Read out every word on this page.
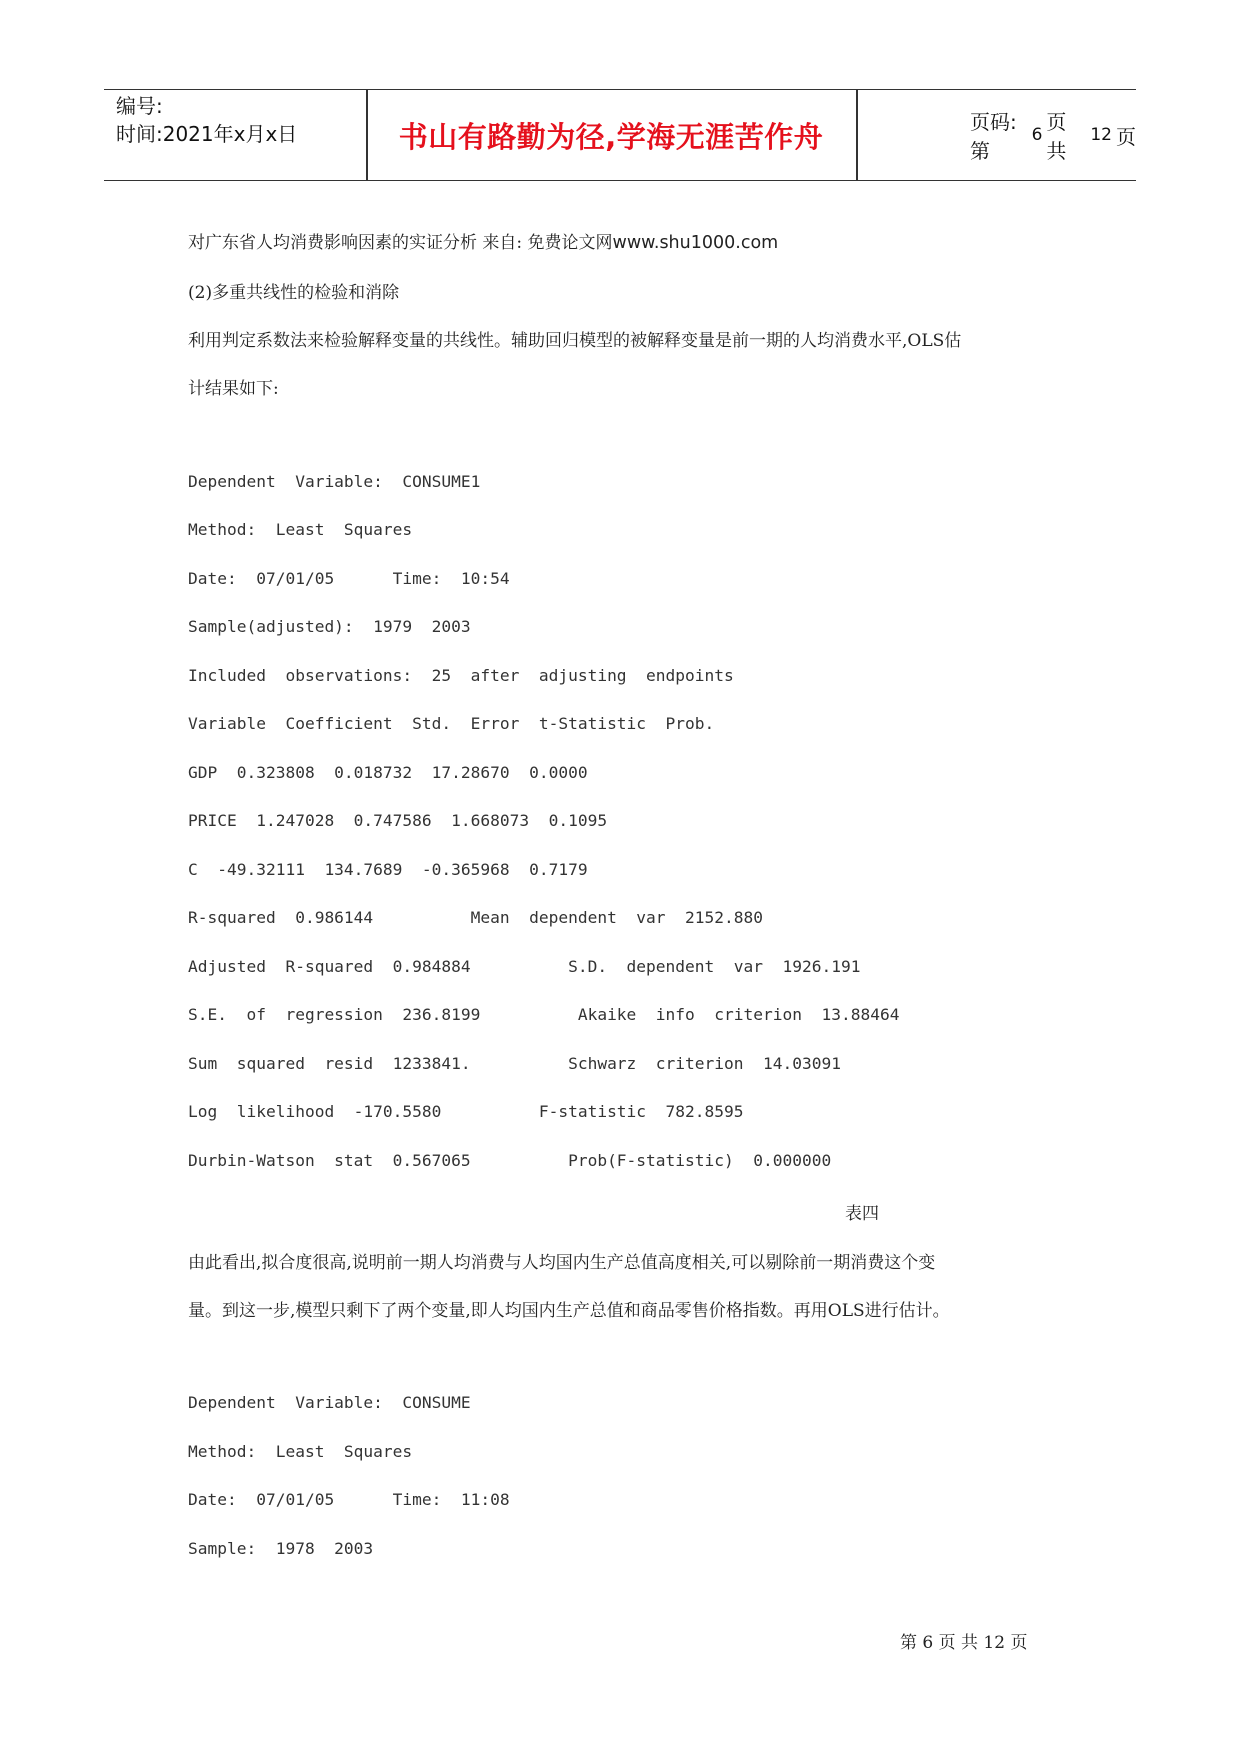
编号:
时间:2021年x月x日	书山有路勤为径,学海无涯苦作舟	页码:第
6
页 共
12 页
对广东省人均消费影响因素的实证分析 来自: 免费论文网www.shu1000.com
(2)多重共线性的检验和消除
利用判定系数法来检验解释变量的共线性。辅助回归模型的被解释变量是前一期的人均消费水平,OLS估
计结果如下:
Dependent  Variable:  CONSUME1
Method:  Least  Squares
Date:  07/01/05      Time:  10:54
Sample(adjusted):  1979  2003
Included  observations:  25  after  adjusting  endpoints
Variable  Coefficient  Std.  Error  t-Statistic  Prob.
GDP  0.323808  0.018732  17.28670  0.0000
PRICE  1.247028  0.747586  1.668073  0.1095
C  -49.32111  134.7689  -0.365968  0.7179
R-squared  0.986144          Mean  dependent  var  2152.880
Adjusted  R-squared  0.984884          S.D.  dependent  var  1926.191
S.E.  of  regression  236.8199          Akaike  info  criterion  13.88464
Sum  squared  resid  1233841.          Schwarz  criterion  14.03091
Log  likelihood  -170.5580          F-statistic  782.8595
Durbin-Watson  stat  0.567065          Prob(F-statistic)  0.000000
表四
由此看出,拟合度很高,说明前一期人均消费与人均国内生产总值高度相关,可以剔除前一期消费这个变
量。到这一步,模型只剩下了两个变量,即人均国内生产总值和商品零售价格指数。再用OLS进行估计。
Dependent  Variable:  CONSUME
Method:  Least  Squares
Date:  07/01/05      Time:  11:08
Sample:  1978  2003
第 6 页 共 12 页
